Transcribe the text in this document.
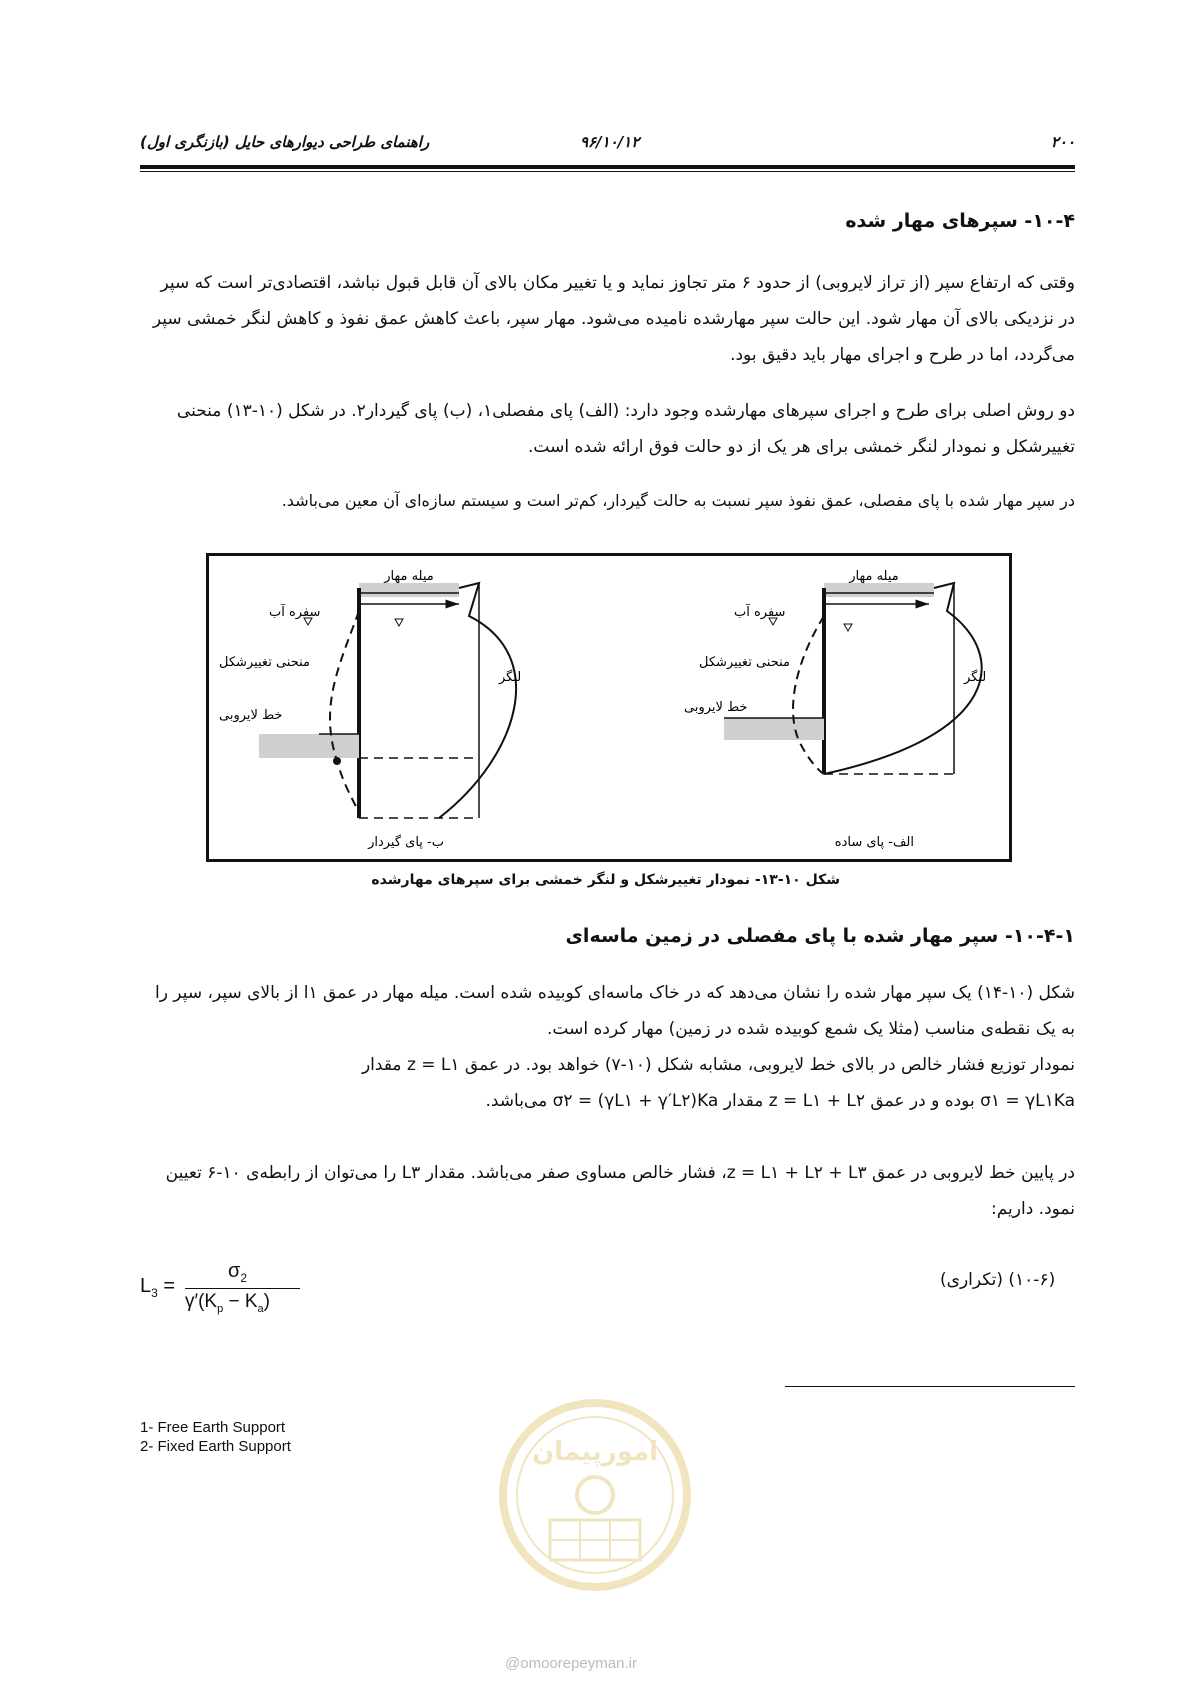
۲۰۰
۹۶/۱۰/۱۲
راهنمای طراحی دیوارهای حایل (بازنگری اول)
۱۰-۴- سپرهای مهار شده
وقتی که ارتفاع سپر (از تراز لایروبی) از حدود ۶ متر تجاوز نماید و یا تغییر مکان بالای آن قابل قبول نباشد، اقتصادی‌تر است که سپر در نزدیکی بالای آن مهار شود. این حالت سپر مهارشده نامیده می‌شود. مهار سپر، باعث کاهش عمق نفوذ و کاهش لنگر خمشی سپر می‌گردد، اما در طرح و اجرای مهار باید دقیق بود.
دو روش اصلی برای طرح و اجرای سپرهای مهارشده وجود دارد: (الف) پای مفصلی۱، (ب) پای گیردار۲. در شکل (۱۰-۱۳) منحنی تغییرشکل و نمودار لنگر خمشی برای هر یک از دو حالت فوق ارائه شده است.
در سپر مهار شده با پای مفصلی، عمق نفوذ سپر نسبت به حالت گیردار، کم‌تر است و سیستم سازه‌ای آن معین می‌باشد.
میله مهار
سفره آب
منحنی تغییرشکل
خط لایروبی
لنگر
ب- پای گیردار
میله مهار
سفره آب
منحنی تغییرشکل
خط لایروبی
لنگر
الف- پای ساده
شکل ۱۰-۱۳- نمودار تغییرشکل و لنگر خمشی برای سپرهای مهارشده
۱۰-۴-۱- سپر مهار شده با پای مفصلی در زمین ماسه‌ای
شکل (۱۰-۱۴) یک سپر مهار شده را نشان می‌دهد که در خاک ماسه‌ای کوبیده شده است. میله مهار در عمق l۱ از بالای سپر، سپر را به یک نقطه‌ی مناسب (مثلا یک شمع کوبیده شده در زمین) مهار کرده است.
نمودار توزیع فشار خالص در بالای خط لایروبی، مشابه شکل (۱۰-۷) خواهد بود. در عمق z = L۱ مقدار
σ۱ = γL۱Ka بوده و در عمق z = L۱ + L۲ مقدار σ۲ = (γL۱ + γ′L۲)Ka می‌باشد.
در پایین خط لایروبی در عمق z = L۱ + L۲ + L۳، فشار خالص مساوی صفر می‌باشد. مقدار L۳ را می‌توان از رابطه‌ی ۱۰-۶ تعیین نمود. داریم:
$L_3$ =
$\sigma_2$
$\gamma'(K_p - K_a)$
(۱۰-۶) (تکراری)
1- Free Earth Support
2- Fixed Earth Support	امورپیمان
@omoorepeyman.ir
